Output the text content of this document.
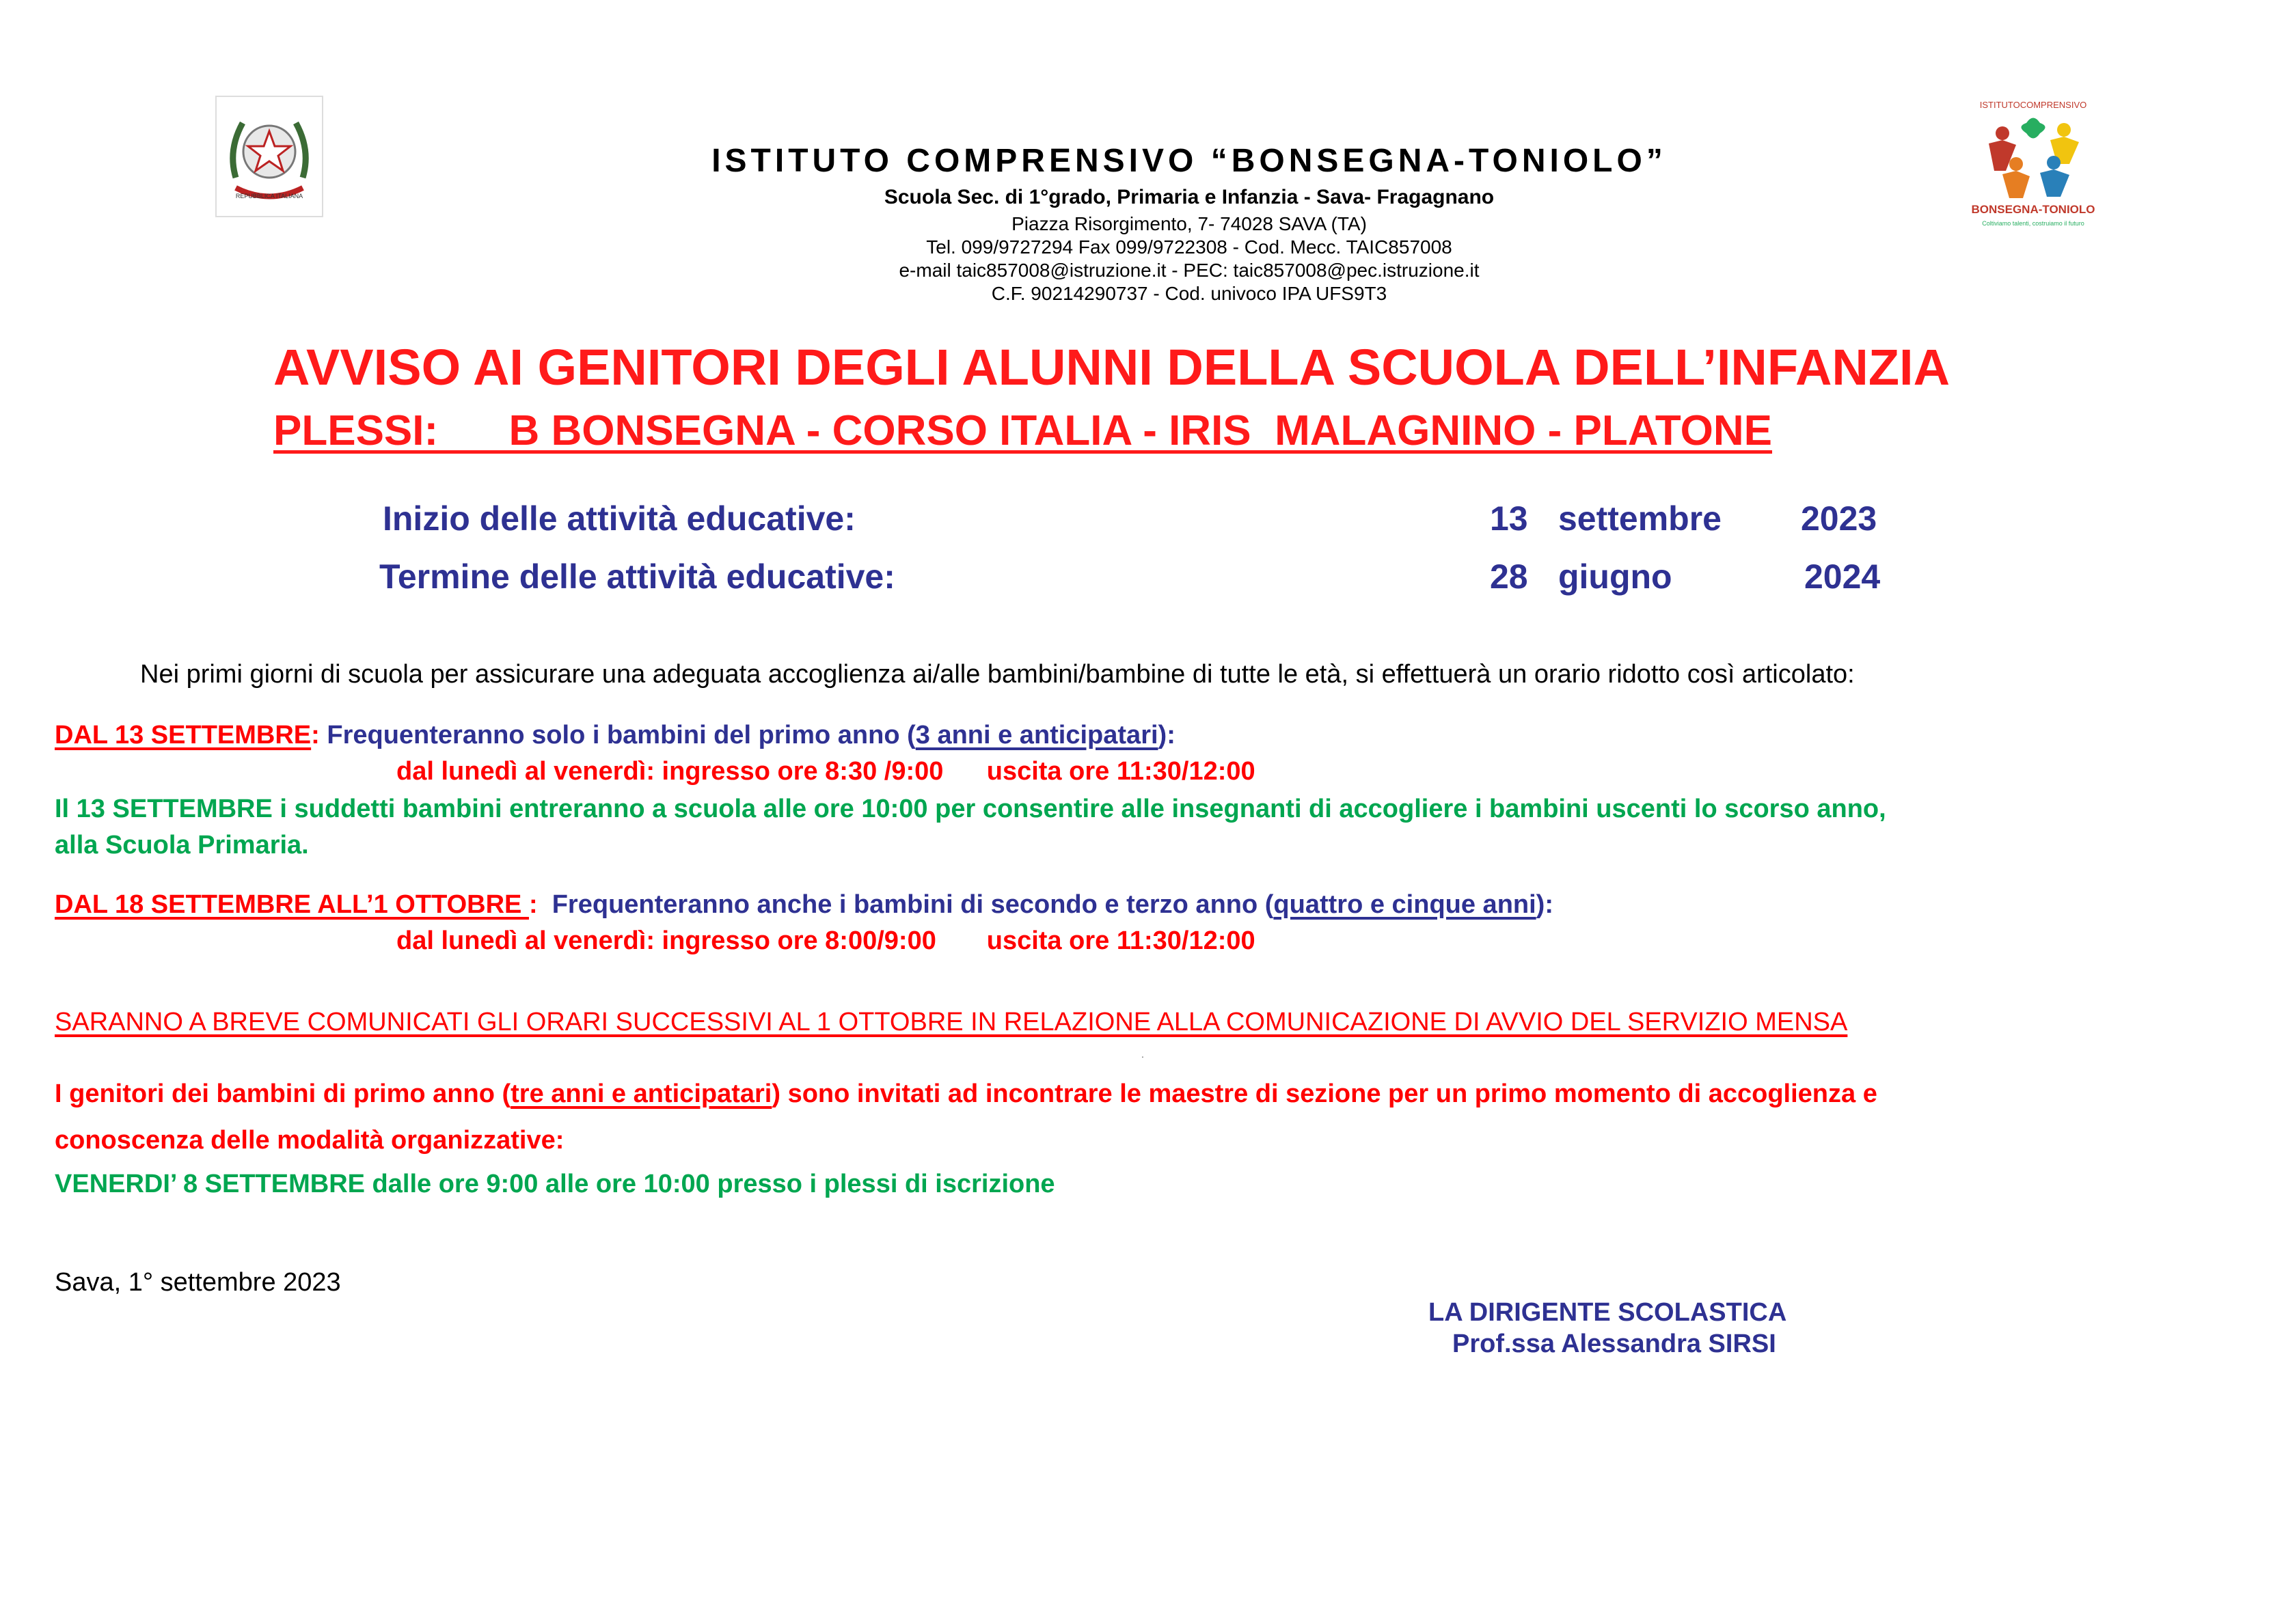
REPUBBLICA ITALIANA
ISTITUTOCOMPRENSIVO
BONSEGNA-TONIOLO
Coltiviamo talenti, costruiamo il futuro
ISTITUTO COMPRENSIVO “BONSEGNA-TONIOLO”
Scuola Sec. di 1°grado, Primaria e Infanzia - Sava- Fragagnano
Piazza Risorgimento, 7- 74028 SAVA (TA)
Tel. 099/9727294 Fax 099/9722308 - Cod. Mecc. TAIC857008
e-mail taic857008@istruzione.it - PEC: taic857008@pec.istruzione.it
C.F. 90214290737 - Cod. univoco IPA UFS9T3
AVVISO AI GENITORI DEGLI ALUNNI DELLA SCUOLA DELL’INFANZIA
PLESSI:      B BONSEGNA - CORSO ITALIA - IRIS  MALAGNINO - PLATONE
Inizio delle attività educative:	13 settembre 2023
Termine delle attività educative:	28 giugno	2024
Nei primi giorni di scuola per assicurare una adeguata accoglienza ai/alle bambini/bambine di tutte le età, si effettuerà un orario ridotto così articolato:
DAL 13 SETTEMBRE: Frequenteranno solo i bambini del primo anno (3 anni e anticipatari):
dal lunedì al venerdì: ingresso ore 8:30 /9:00      uscita ore 11:30/12:00
Il 13 SETTEMBRE i suddetti bambini entreranno a scuola alle ore 10:00 per consentire alle insegnanti di accogliere i bambini uscenti lo scorso anno,
alla Scuola Primaria.
DAL 18 SETTEMBRE ALL’1 OTTOBRE :  Frequenteranno anche i bambini di secondo e terzo anno (quattro e cinque anni):
dal lunedì al venerdì: ingresso ore 8:00/9:00       uscita ore 11:30/12:00
SARANNO A BREVE COMUNICATI GLI ORARI SUCCESSIVI AL 1 OTTOBRE IN RELAZIONE ALLA COMUNICAZIONE DI AVVIO DEL SERVIZIO MENSA
.
I genitori dei bambini di primo anno (tre anni e anticipatari) sono invitati ad incontrare le maestre di sezione per un primo momento di accoglienza e
conoscenza delle modalità organizzative:
VENERDI’ 8 SETTEMBRE dalle ore 9:00 alle ore 10:00 presso i plessi di iscrizione
Sava, 1° settembre 2023
LA DIRIGENTE SCOLASTICA
Prof.ssa Alessandra SIRSI
